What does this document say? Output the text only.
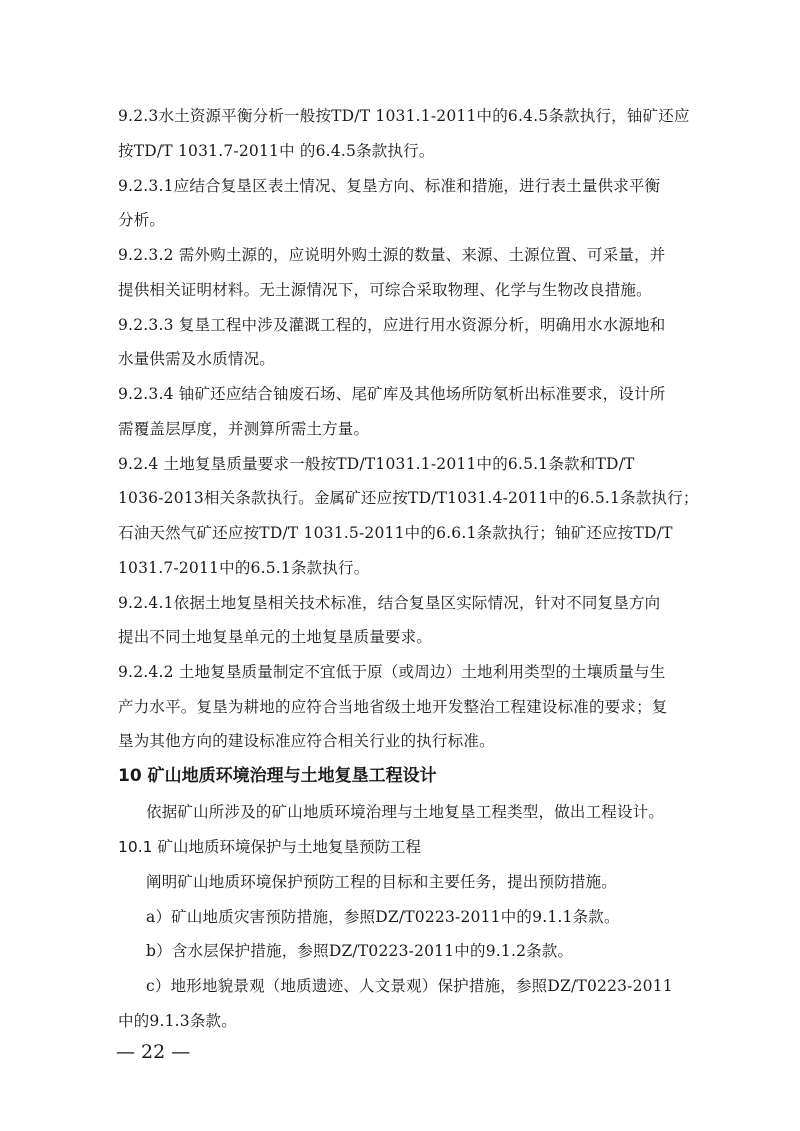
9.2.3水土资源平衡分析一般按TD/T 1031.1-2011中的6.4.5条款执行，铀矿还应
按TD/T 1031.7-2011中 的6.4.5条款执行。
9.2.3.1应结合复垦区表土情况、复垦方向、标准和措施，进行表土量供求平衡
分析。
9.2.3.2 需外购土源的，应说明外购土源的数量、来源、土源位置、可采量，并
提供相关证明材料。无土源情况下，可综合采取物理、化学与生物改良措施。
9.2.3.3 复垦工程中涉及灌溉工程的，应进行用水资源分析，明确用水水源地和
水量供需及水质情况。
9.2.3.4 铀矿还应结合铀废石场、尾矿库及其他场所防氡析出标准要求，设计所
需覆盖层厚度，并测算所需土方量。
9.2.4 土地复垦质量要求一般按TD/T1031.1-2011中的6.5.1条款和TD/T
1036-2013相关条款执行。金属矿还应按TD/T1031.4-2011中的6.5.1条款执行；
石油天然气矿还应按TD/T 1031.5-2011中的6.6.1条款执行；铀矿还应按TD/T
1031.7-2011中的6.5.1条款执行。
9.2.4.1依据土地复垦相关技术标准，结合复垦区实际情况，针对不同复垦方向
提出不同土地复垦单元的土地复垦质量要求。
9.2.4.2 土地复垦质量制定不宜低于原（或周边）土地利用类型的土壤质量与生
产力水平。复垦为耕地的应符合当地省级土地开发整治工程建设标准的要求；复
垦为其他方向的建设标准应符合相关行业的执行标准。
10 矿山地质环境治理与土地复垦工程设计
依据矿山所涉及的矿山地质环境治理与土地复垦工程类型，做出工程设计。
10.1 矿山地质环境保护与土地复垦预防工程
阐明矿山地质环境保护预防工程的目标和主要任务，提出预防措施。
a）矿山地质灾害预防措施，参照DZ/T0223-2011中的9.1.1条款。
b）含水层保护措施，参照DZ/T0223-2011中的9.1.2条款。
c）地形地貌景观（地质遗迹、人文景观）保护措施，参照DZ/T0223-2011
中的9.1.3条款。
— 22 —
